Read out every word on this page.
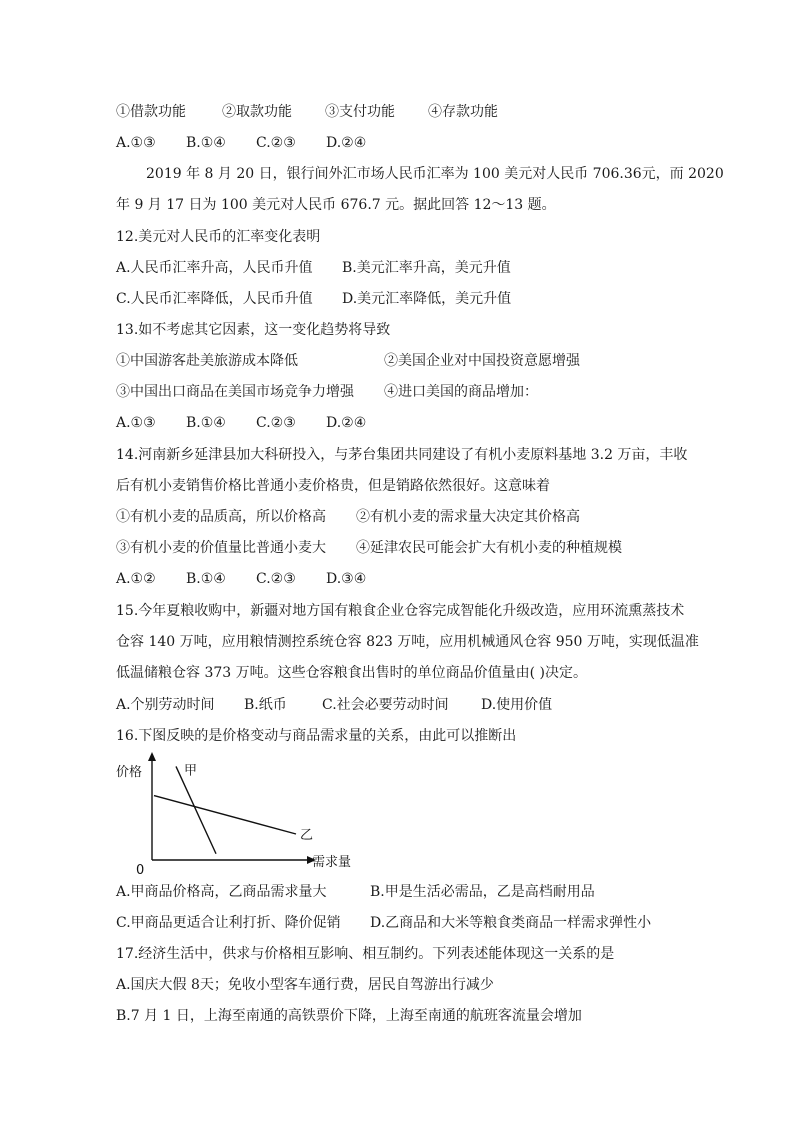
①借款功能	②取款功能	③支付功能	④存款功能
A.①③	B.①④	C.②③	D.②④
2019 年 8 月 20 日，银行间外汇市场人民币汇率为 100 美元对人民币 706.36元，而 2020
年 9 月 17 日为 100 美元对人民币 676.7 元。据此回答 12～13 题。
12.美元对人民币的汇率变化表明
A.人民币汇率升高，人民币升值	B.美元汇率升高，美元升值
C.人民币汇率降低，人民币升值	D.美元汇率降低，美元升值
13.如不考虑其它因素，这一变化趋势将导致
①中国游客赴美旅游成本降低	②美国企业对中国投资意愿增强
③中国出口商品在美国市场竞争力增强	④进口美国的商品增加：
A.①③	B.①④	C.②③	D.②④
14.河南新乡延津县加大科研投入，与茅台集团共同建设了有机小麦原料基地 3.2 万亩，丰收
后有机小麦销售价格比普通小麦价格贵，但是销路依然很好。这意味着
①有机小麦的品质高，所以价格高	②有机小麦的需求量大决定其价格高
③有机小麦的价值量比普通小麦大	④延津农民可能会扩大有机小麦的种植规模
A.①②	B.①④	C.②③	D.③④
15.今年夏粮收购中，新疆对地方国有粮食企业仓容完成智能化升级改造，应用环流熏蒸技术
仓容 140 万吨，应用粮情测控系统仓容 823 万吨，应用机械通风仓容 950 万吨，实现低温准
低温储粮仓容 373 万吨。这些仓容粮食出售时的单位商品价值量由( )决定。
A.个别劳动时间	B.纸币	C.社会必要劳动时间	D.使用价值
16.下图反映的是价格变动与商品需求量的关系，由此可以推断出
价格
需求量
0
甲
乙
A.甲商品价格高，乙商品需求量大	B.甲是生活必需品，乙是高档耐用品
C.甲商品更适合让利打折、降价促销	D.乙商品和大米等粮食类商品一样需求弹性小
17.经济生活中，供求与价格相互影响、相互制约。下列表述能体现这一关系的是
A.国庆大假 8天；免收小型客车通行费，居民自驾游出行减少
B.7 月 1 日，上海至南通的高铁票价下降，上海至南通的航班客流量会增加
